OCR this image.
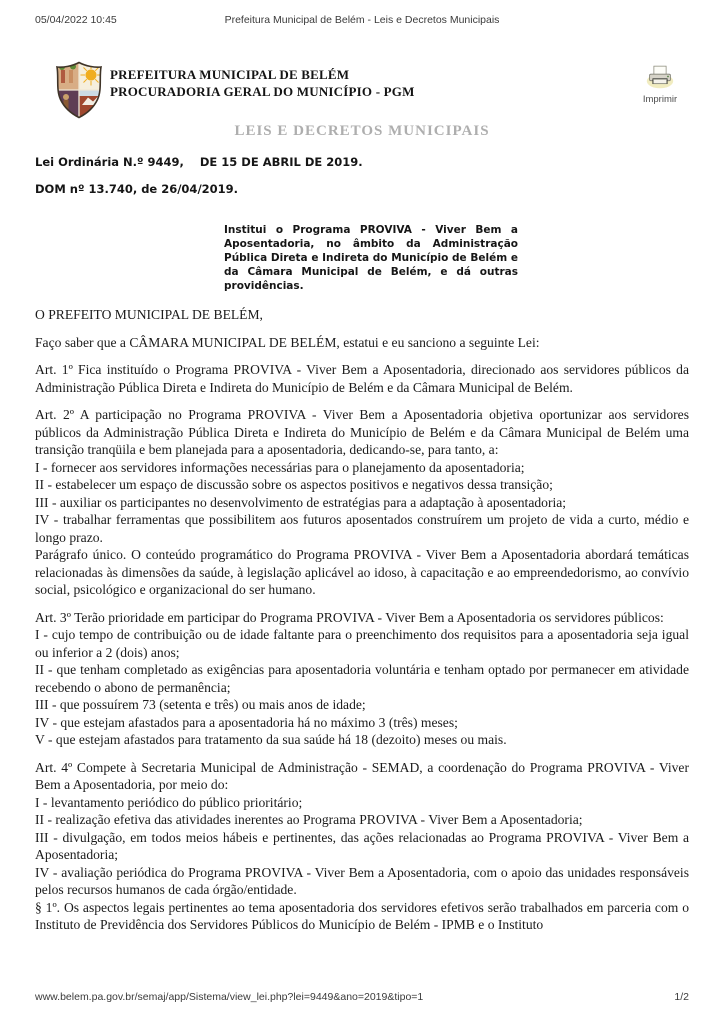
05/04/2022 10:45	Prefeitura Municipal de Belém - Leis e Decretos Municipais
PREFEITURA MUNICIPAL DE BELÉM
PROCURADORIA GERAL DO MUNICÍPIO - PGM
Imprimir
LEIS E DECRETOS MUNICIPAIS
Lei Ordinária N.º 9449,    DE 15 DE ABRIL DE 2019.
DOM nº 13.740, de 26/04/2019.
Institui o Programa PROVIVA - Viver Bem a Aposentadoria, no âmbito da Administração Pública Direta e Indireta do Município de Belém e da Câmara Municipal de Belém, e dá outras providências.

O PREFEITO MUNICIPAL DE BELÉM,

Faço saber que a CÂMARA MUNICIPAL DE BELÉM, estatui e eu sanciono a seguinte Lei:

Art. 1º Fica instituído o Programa PROVIVA - Viver Bem a Aposentadoria, direcionado aos servidores públicos da Administração Pública Direta e Indireta do Município de Belém e da Câmara Municipal de Belém.

Art. 2º A participação no Programa PROVIVA - Viver Bem a Aposentadoria objetiva oportunizar aos servidores públicos da Administração Pública Direta e Indireta do Município de Belém e da Câmara Municipal de Belém uma transição tranqüila e bem planejada para a aposentadoria, dedicando-se, para tanto, a:

I - fornecer aos servidores informações necessárias para o planejamento da aposentadoria;

II - estabelecer um espaço de discussão sobre os aspectos positivos e negativos dessa transição;

III - auxiliar os participantes no desenvolvimento de estratégias para a adaptação à aposentadoria;

IV - trabalhar ferramentas que possibilitem aos futuros aposentados construírem um projeto de vida a curto, médio e longo prazo.

Parágrafo único. O conteúdo programático do Programa PROVIVA - Viver Bem a Aposentadoria abordará temáticas relacionadas às dimensões da saúde, à legislação aplicável ao idoso, à capacitação e ao empreendedorismo, ao convívio social, psicológico e organizacional do ser humano.

Art. 3º Terão prioridade em participar do Programa PROVIVA - Viver Bem a Aposentadoria os servidores públicos:

I - cujo tempo de contribuição ou de idade faltante para o preenchimento dos requisitos para a aposentadoria seja igual ou inferior a 2 (dois) anos;

II - que tenham completado as exigências para aposentadoria voluntária e tenham optado por permanecer em atividade recebendo o abono de permanência;

III - que possuírem 73 (setenta e três) ou mais anos de idade;

IV - que estejam afastados para a aposentadoria há no máximo 3 (três) meses;

V - que estejam afastados para tratamento da sua saúde há 18 (dezoito) meses ou mais.

Art. 4º Compete à Secretaria Municipal de Administração - SEMAD, a coordenação do Programa PROVIVA - Viver Bem a Aposentadoria, por meio do:

I - levantamento periódico do público prioritário;

II - realização efetiva das atividades inerentes ao Programa PROVIVA - Viver Bem a Aposentadoria;

III - divulgação, em todos meios hábeis e pertinentes, das ações relacionadas ao Programa PROVIVA - Viver Bem a Aposentadoria;

IV - avaliação periódica do Programa PROVIVA - Viver Bem a Aposentadoria, com o apoio das unidades responsáveis pelos recursos humanos de cada órgão/entidade.

§ 1º. Os aspectos legais pertinentes ao tema aposentadoria dos servidores efetivos serão trabalhados em parceria com o Instituto de Previdência dos Servidores Públicos do Município de Belém - IPMB e o Instituto

www.belem.pa.gov.br/semaj/app/Sistema/view_lei.php?lei=9449&ano=2019&tipo=1	1/2
